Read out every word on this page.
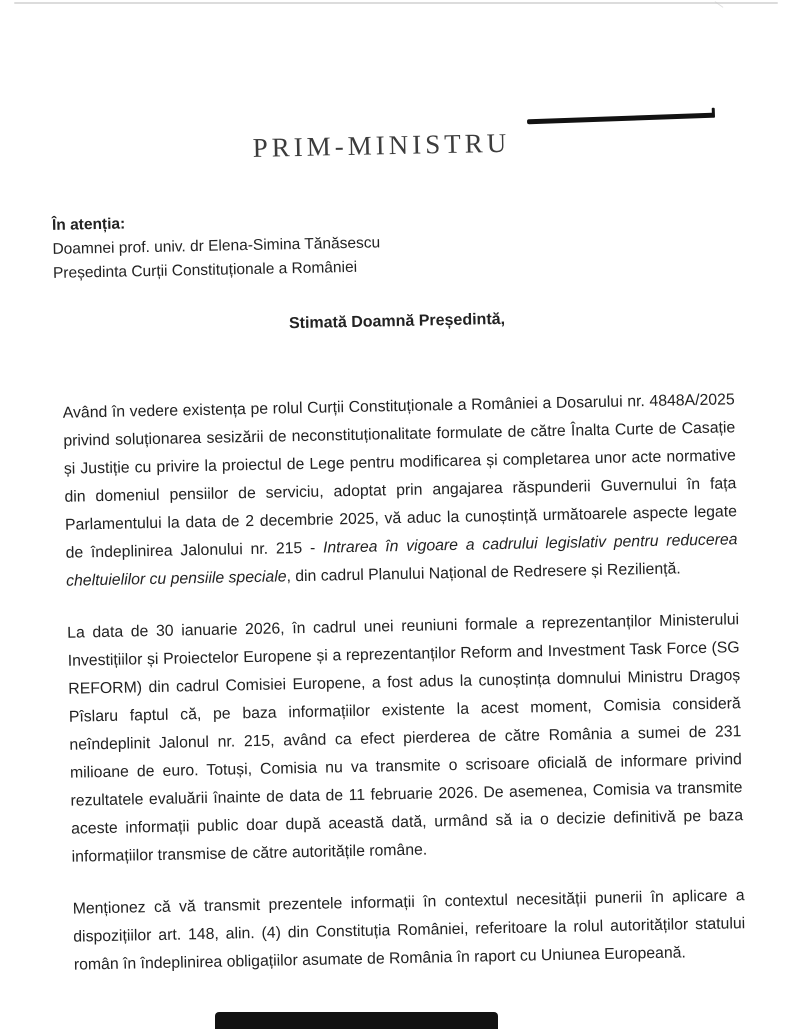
PRIM-MINISTRU

În atenția:

Doamnei prof. univ. dr Elena-Simina Tănăsescu

Președinta Curții Constituționale a României

Stimată Doamnă Președintă,

Având în vedere existența pe rolul Curții Constituționale a României a Dosarului nr. 4848A/2025 privind soluționarea sesizării de neconstituționalitate formulate de către Înalta Curte de Casație și Justiție cu privire la proiectul de Lege pentru modificarea și completarea unor acte normative din domeniul pensiilor de serviciu, adoptat prin angajarea răspunderii Guvernului în fața Parlamentului la data de 2 decembrie 2025, vă aduc la cunoștință următoarele aspecte legate de îndeplinirea Jalonului nr. 215 - Intrarea în vigoare a cadrului legislativ pentru reducerea cheltuielilor cu pensiile speciale, din cadrul Planului Național de Redresere și Reziliență.

La data de 30 ianuarie 2026, în cadrul unei reuniuni formale a reprezentanților Ministerului Investițiilor și Proiectelor Europene și a reprezentanților Reform and Investment Task Force (SG REFORM) din cadrul Comisiei Europene, a fost adus la cunoștința domnului Ministru Dragoș Pîslaru faptul că, pe baza informațiilor existente la acest moment, Comisia consideră neîndeplinit Jalonul nr. 215, având ca efect pierderea de către România a sumei de 231 milioane de euro. Totuși, Comisia nu va transmite o scrisoare oficială de informare privind rezultatele evaluării înainte de data de 11 februarie 2026. De asemenea, Comisia va transmite aceste informații public doar după această dată, urmând să ia o decizie definitivă pe baza informațiilor transmise de către autoritățile române.

Menționez că vă transmit prezentele informații în contextul necesității punerii în aplicare a dispozițiilor art. 148, alin. (4) din Constituția României, referitoare la rolul autorităților statului român în îndeplinirea obligațiilor asumate de România în raport cu Uniunea Europeană.
